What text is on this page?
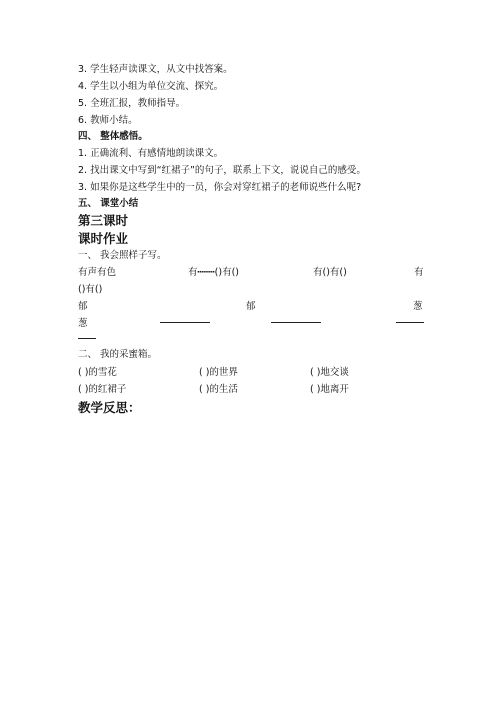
3. 学生轻声读课文，从文中找答案。
4. 学生以小组为单位交流、探究。
5. 全班汇报，教师指导。
6. 教师小结。
四、 整体感悟。
1. 正确流利、有感情地朗读课文。
2. 找出课文中写到“红裙子”的句子，联系上下文，说说自己的感受。
3. 如果你是这些学生中的一员，你会对穿红裙子的老师说些什么呢?
五、 课堂小结
第三课时
课时作业
一、 我会照样子写。
有声有色	有┅┅┅()有()	有()有()	有
()有()
郁	郁	葱
葱
二、 我的采蜜箱。
( )的雪花	( )的世界	( )地交谈
( )的红裙子	( )的生活	( )地离开
教学反思：
